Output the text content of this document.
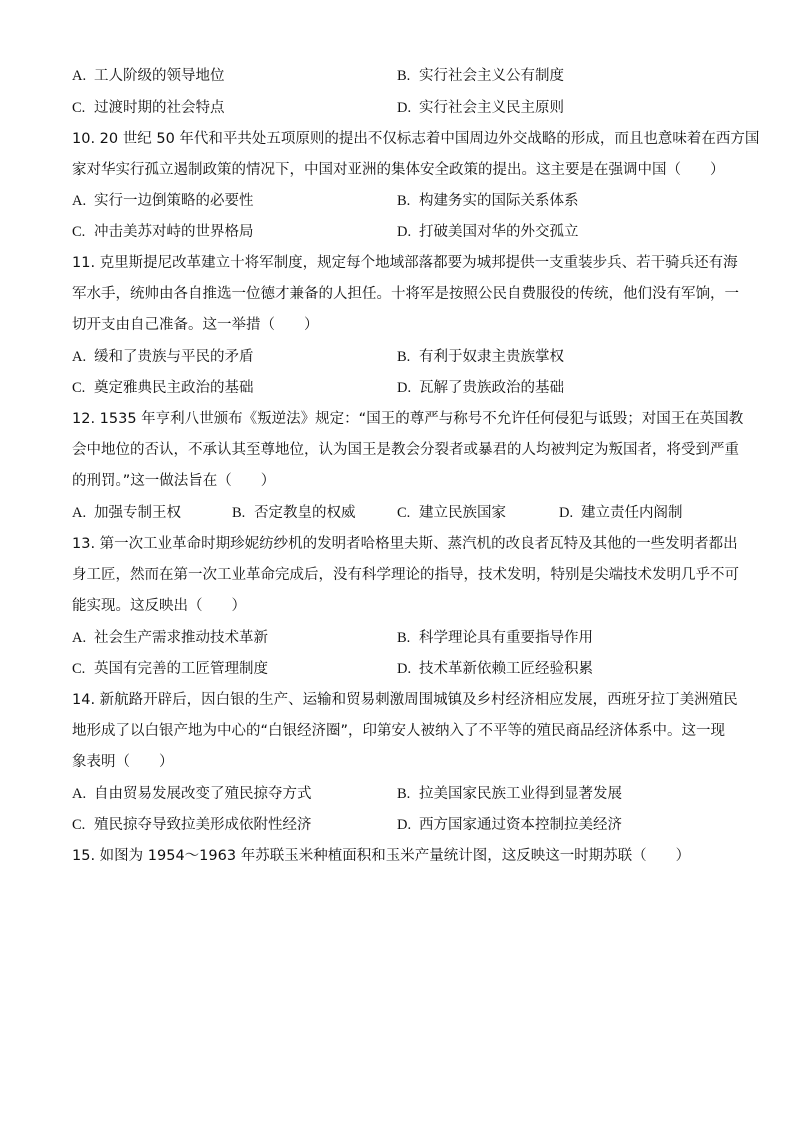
A. 工人阶级的领导地位	B. 实行社会主义公有制度
C. 过渡时期的社会特点	D. 实行社会主义民主原则
10. 20 世纪 50 年代和平共处五项原则的提出不仅标志着中国周边外交战略的形成，而且也意味着在西方国
家对华实行孤立遏制政策的情况下，中国对亚洲的集体安全政策的提出。这主要是在强调中国（　　）
A. 实行一边倒策略的必要性	B. 构建务实的国际关系体系
C. 冲击美苏对峙的世界格局	D. 打破美国对华的外交孤立
11. 克里斯提尼改革建立十将军制度，规定每个地域部落都要为城邦提供一支重装步兵、若干骑兵还有海
军水手，统帅由各自推选一位德才兼备的人担任。十将军是按照公民自费服役的传统，他们没有军饷，一
切开支由自己准备。这一举措（　　）
A. 缓和了贵族与平民的矛盾	B. 有利于奴隶主贵族掌权
C. 奠定雅典民主政治的基础	D. 瓦解了贵族政治的基础
12. 1535 年亨利八世颁布《叛逆法》规定：“国王的尊严与称号不允许任何侵犯与诋毁；对国王在英国教
会中地位的否认，不承认其至尊地位，认为国王是教会分裂者或暴君的人均被判定为叛国者，将受到严重
的刑罚。”这一做法旨在（　　）
A. 加强专制王权	B. 否定教皇的权威	C. 建立民族国家	D. 建立责任内阁制
13. 第一次工业革命时期珍妮纺纱机的发明者哈格里夫斯、蒸汽机的改良者瓦特及其他的一些发明者都出
身工匠，然而在第一次工业革命完成后，没有科学理论的指导，技术发明，特别是尖端技术发明几乎不可
能实现。这反映出（　　）
A. 社会生产需求推动技术革新	B. 科学理论具有重要指导作用
C. 英国有完善的工匠管理制度	D. 技术革新依赖工匠经验积累
14. 新航路开辟后，因白银的生产、运输和贸易刺激周围城镇及乡村经济相应发展，西班牙拉丁美洲殖民
地形成了以白银产地为中心的“白银经济圈”，印第安人被纳入了不平等的殖民商品经济体系中。这一现
象表明（　　）
A. 自由贸易发展改变了殖民掠夺方式	B. 拉美国家民族工业得到显著发展
C. 殖民掠夺导致拉美形成依附性经济	D. 西方国家通过资本控制拉美经济
15. 如图为 1954～1963 年苏联玉米种植面积和玉米产量统计图，这反映这一时期苏联（　　）
